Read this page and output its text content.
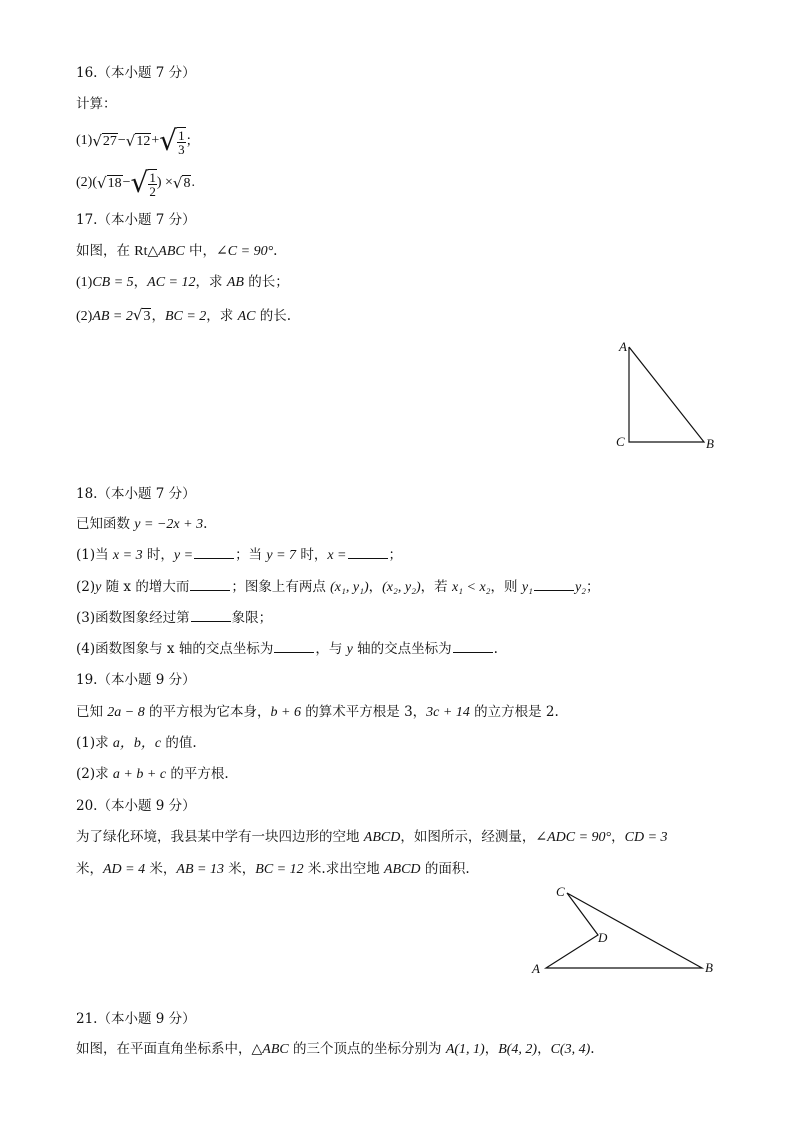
16.（本小题 7 分）
计算：
(1) √ 27 − √ 12 + √ $\frac{1}{3}$ ；
(2)( √ 18 − √ $\frac{1}{2}$ ) × √ 8 .
17.（本小题 7 分）
如图，在 Rt△ABC 中，∠C = 90°.
(1)CB = 5，AC = 12，求 AB 的长；
(2)AB = 2√3，BC = 2，求 AC 的长.
A
C	B
18.（本小题 7 分）
已知函数 y = −2x + 3.
(1)当 x = 3 时，y =	；当 y = 7 时，x =	；
(2)y 随 x 的增大而	；图象上有两点 (x₁, y₁)，(x₂, y₂)，若 x₁ < x₂，则 y₁	y₂；
(3)函数图象经过第	象限；
(4)函数图象与 x 轴的交点坐标为	，与 y 轴的交点坐标为	.
19.（本小题 9 分）
已知 2a − 8 的平方根为它本身，b + 6 的算术平方根是 3，3c + 14 的立方根是 2.
(1)求 a，b，c 的值.
(2)求 a + b + c 的平方根.
20.（本小题 9 分）
为了绿化环境，我县某中学有一块四边形的空地 ABCD，如图所示，经测量，∠ADC = 90°，CD = 3
米，AD = 4 米，AB = 13 米，BC = 12 米.求出空地 ABCD 的面积.
C
D
A	B
21.（本小题 9 分）
如图，在平面直角坐标系中，△ABC 的三个顶点的坐标分别为 A(1, 1)，B(4, 2)，C(3, 4).
